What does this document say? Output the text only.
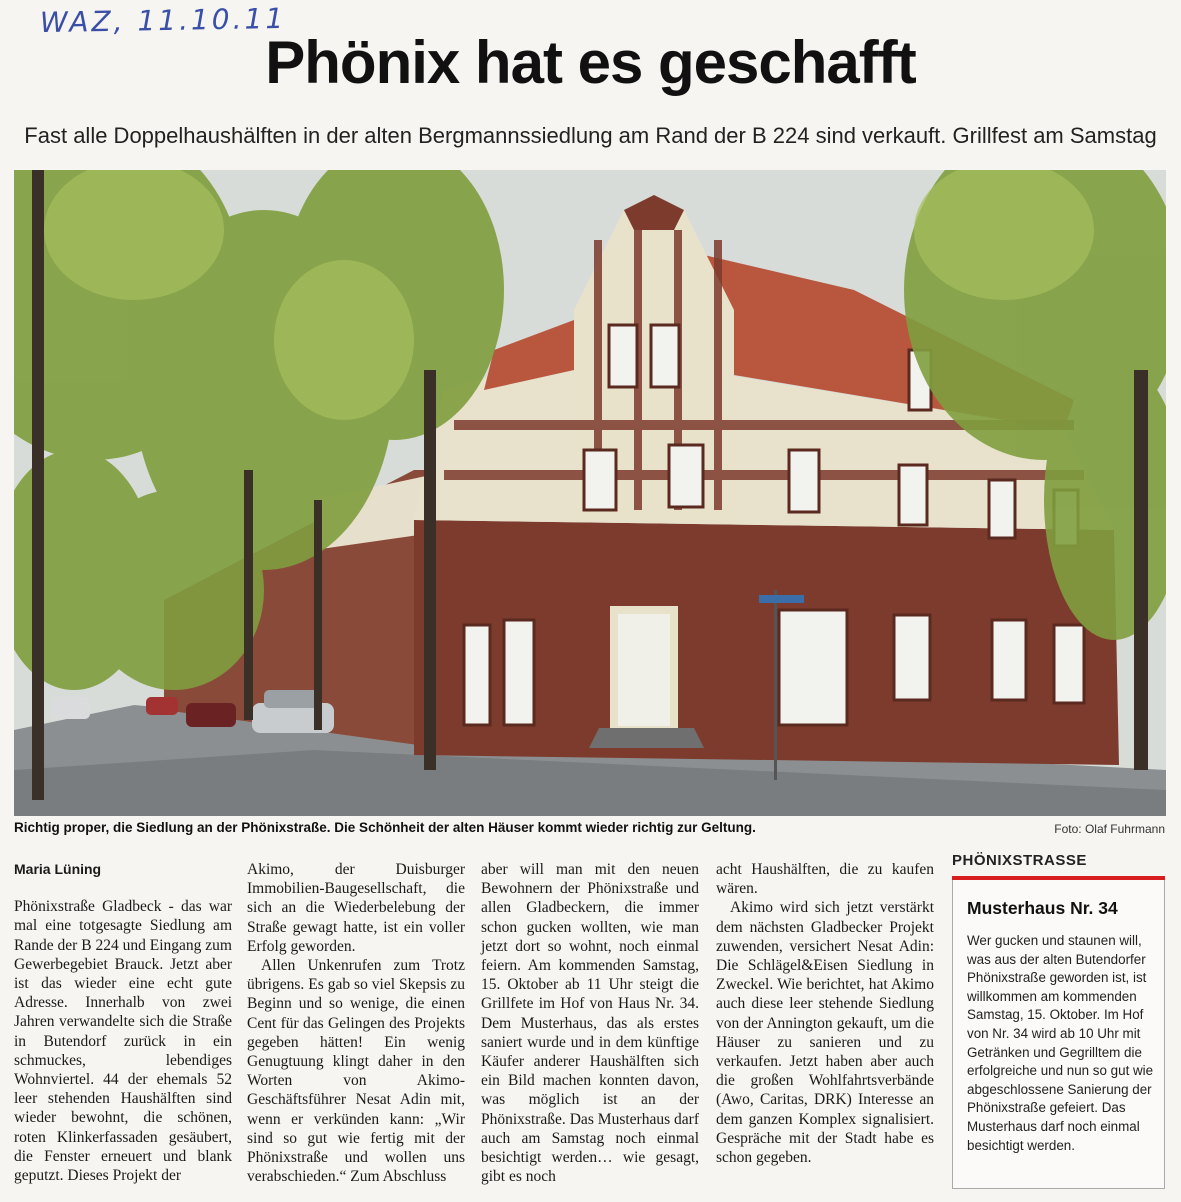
WAZ, 11.10.11
Phönix hat es geschafft
Fast alle Doppelhaushälften in der alten Bergmannssiedlung am Rand der B 224 sind verkauft. Grillfest am Samstag
Richtig proper, die Siedlung an der Phönixstraße. Die Schönheit der alten Häuser kommt wieder richtig zur Geltung.	Foto: Olaf Fuhrmann

Maria Lüning

Phönixstraße Gladbeck - das war mal eine totgesagte Siedlung am Rande der B 224 und Eingang zum Gewerbegebiet Brauck. Jetzt aber ist das wieder eine echt gute Adresse. Innerhalb von zwei Jahren verwandelte sich die Straße in Butendorf zurück in ein schmuckes, lebendiges Wohnviertel. 44 der ehemals 52 leer stehenden Haushälften sind wieder bewohnt, die schönen, roten Klinkerfassaden gesäubert, die Fenster erneuert und blank geputzt. Dieses Projekt der

Akimo, der Duisburger Immobilien-Baugesellschaft, die sich an die Wiederbelebung der Straße gewagt hatte, ist ein voller Erfolg geworden.

Allen Unkenrufen zum Trotz übrigens. Es gab so viel Skepsis zu Beginn und so wenige, die einen Cent für das Gelingen des Projekts gegeben hätten! Ein wenig Genugtuung klingt daher in den Worten von Akimo-Geschäftsführer Nesat Adin mit, wenn er verkünden kann: „Wir sind so gut wie fertig mit der Phönixstraße und wollen uns verabschieden.“ Zum Abschluss

aber will man mit den neuen Bewohnern der Phönixstraße und allen Gladbeckern, die immer schon gucken wollten, wie man jetzt dort so wohnt, noch einmal feiern. Am kommenden Samstag, 15. Oktober ab 11 Uhr steigt die Grillfete im Hof von Haus Nr. 34. Dem Musterhaus, das als erstes saniert wurde und in dem künftige Käufer anderer Haushälften sich ein Bild machen konnten davon, was möglich ist an der Phönixstraße. Das Musterhaus darf auch am Samstag noch einmal besichtigt werden… wie gesagt, gibt es noch

acht Haushälften, die zu kaufen wären.

Akimo wird sich jetzt verstärkt dem nächsten Gladbecker Projekt zuwenden, versichert Nesat Adin: Die Schlägel&Eisen Siedlung in Zweckel. Wie berichtet, hat Akimo auch diese leer stehende Siedlung von der Annington gekauft, um die Häuser zu sanieren und zu verkaufen. Jetzt haben aber auch die großen Wohlfahrtsverbände (Awo, Caritas, DRK) Interesse an dem ganzen Komplex signalisiert. Gespräche mit der Stadt habe es schon gegeben.

PHÖNIXSTRASSE
Musterhaus Nr. 34
Wer gucken und staunen will, was aus der alten Butendorfer Phönixstraße geworden ist, ist willkommen am kommenden Samstag, 15. Oktober. Im Hof von Nr. 34 wird ab 10 Uhr mit Getränken und Gegrilltem die erfolgreiche und nun so gut wie abgeschlossene Sanierung der Phönixstraße gefeiert. Das Musterhaus darf noch einmal besichtigt werden.
